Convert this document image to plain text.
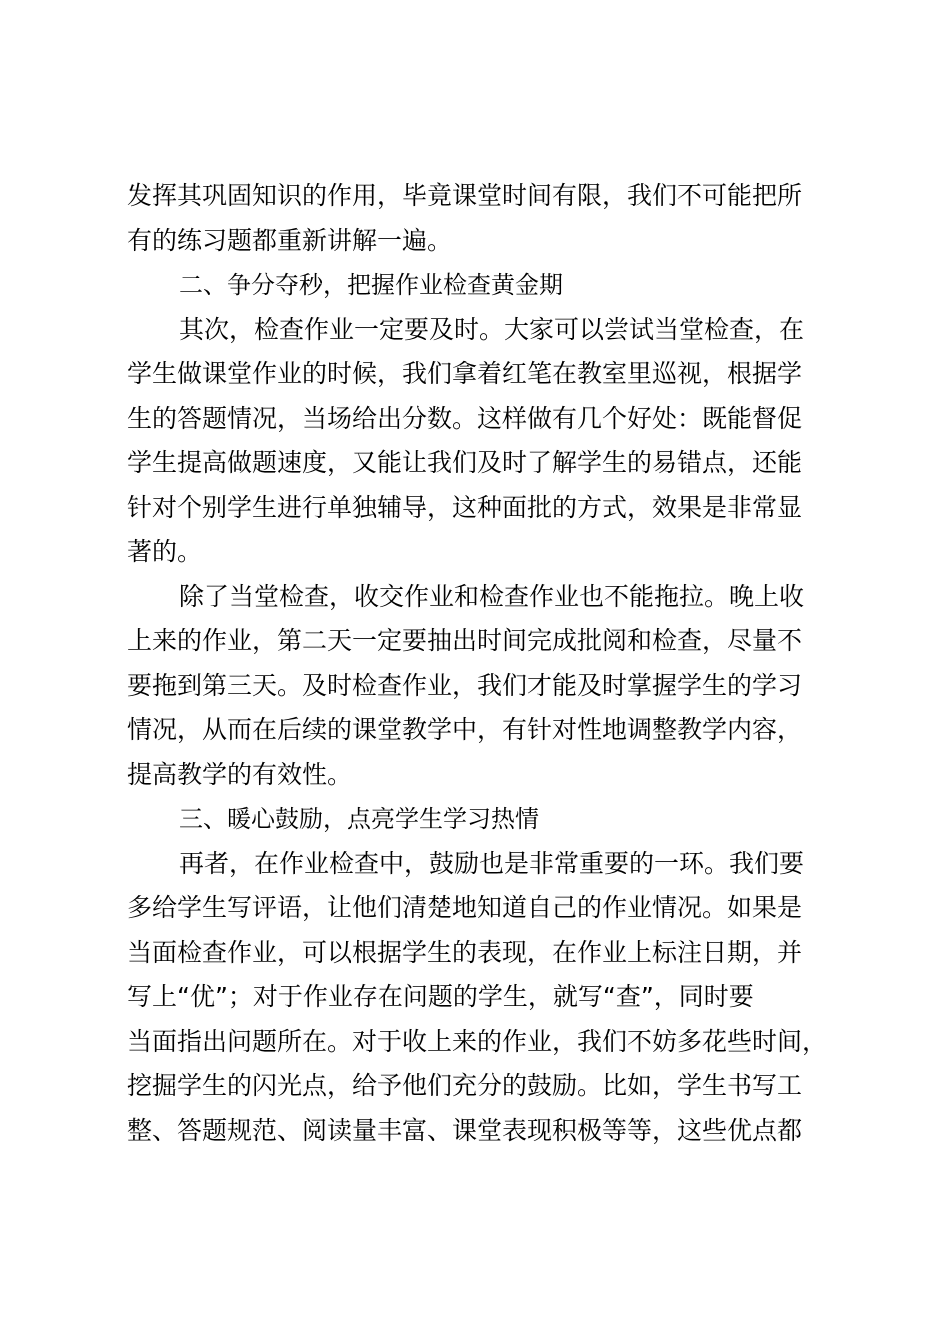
发挥其巩固知识的作用，毕竟课堂时间有限，我们不可能把所
有的练习题都重新讲解一遍。
二、争分夺秒，把握作业检查黄金期
其次，检查作业一定要及时。大家可以尝试当堂检查，在
学生做课堂作业的时候，我们拿着红笔在教室里巡视，根据学
生的答题情况，当场给出分数。这样做有几个好处：既能督促
学生提高做题速度，又能让我们及时了解学生的易错点，还能
针对个别学生进行单独辅导，这种面批的方式，效果是非常显
著的。
除了当堂检查，收交作业和检查作业也不能拖拉。晚上收
上来的作业，第二天一定要抽出时间完成批阅和检查，尽量不
要拖到第三天。及时检查作业，我们才能及时掌握学生的学习
情况，从而在后续的课堂教学中，有针对性地调整教学内容，
提高教学的有效性。
三、暖心鼓励，点亮学生学习热情
再者，在作业检查中，鼓励也是非常重要的一环。我们要
多给学生写评语，让他们清楚地知道自己的作业情况。如果是
当面检查作业，可以根据学生的表现，在作业上标注日期，并
写上“优”；对于作业存在问题的学生，就写“查”，同时要
当面指出问题所在。对于收上来的作业，我们不妨多花些时间，
挖掘学生的闪光点，给予他们充分的鼓励。比如，学生书写工
整、答题规范、阅读量丰富、课堂表现积极等等，这些优点都
